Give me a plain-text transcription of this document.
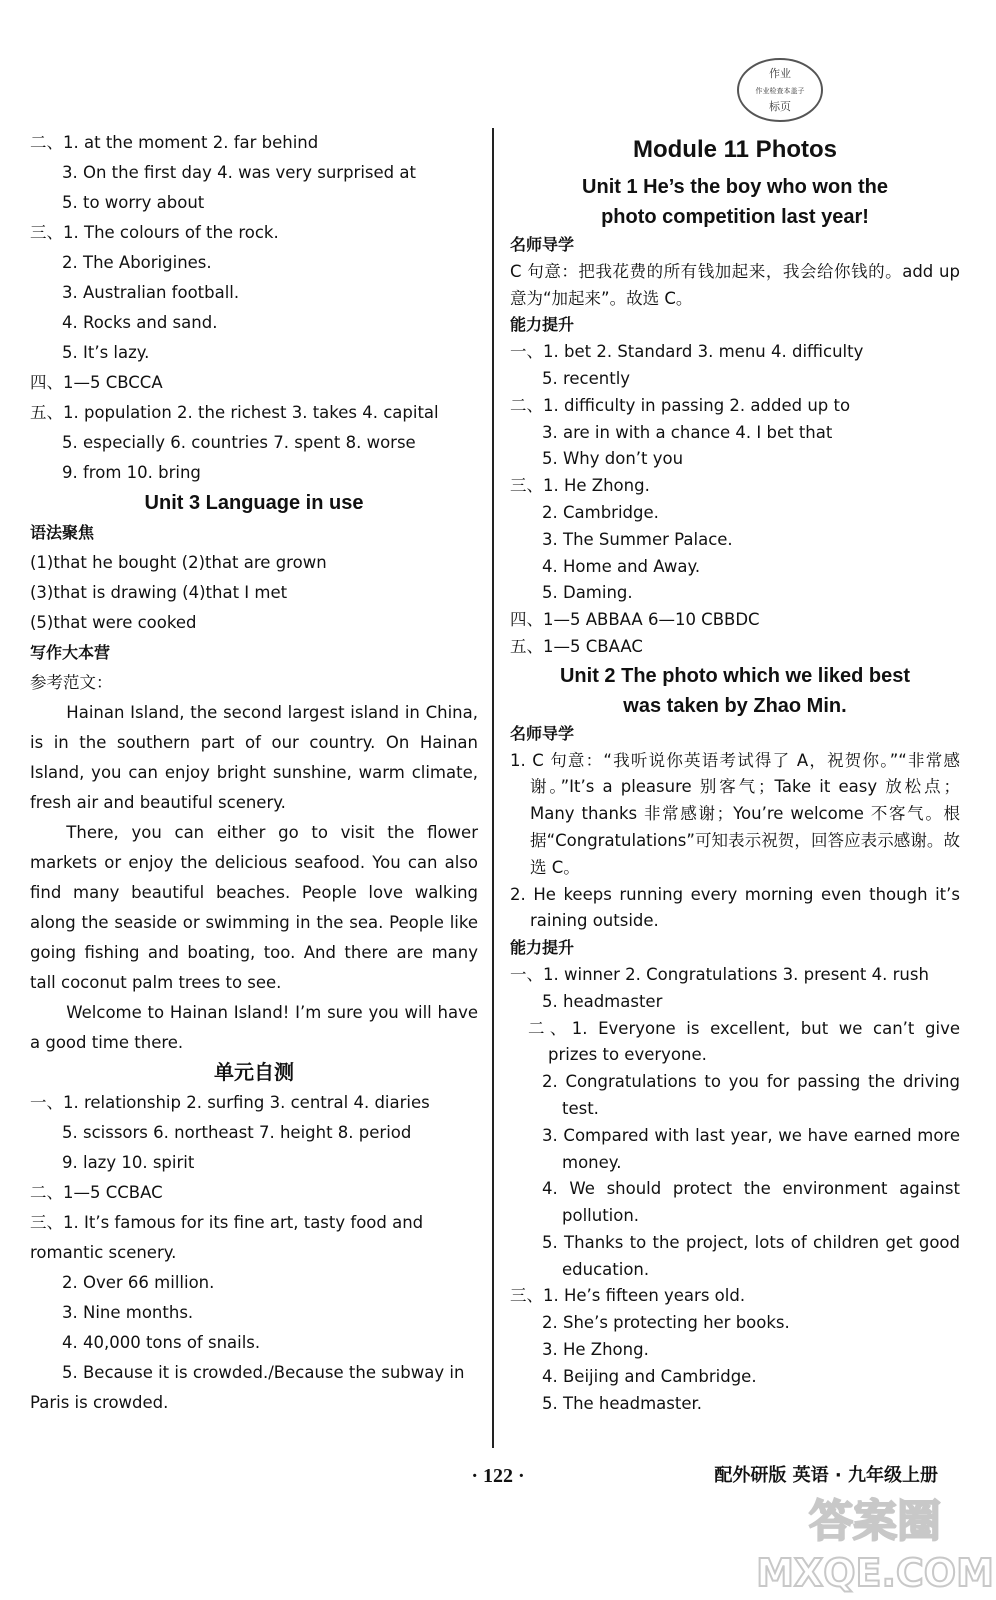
作业
作业检查本盖子
标页
二、1. at the moment 2. far behind
3. On the first day 4. was very surprised at
5. to worry about
三、1. The colours of the rock.
2. The Aborigines.
3. Australian football.
4. Rocks and sand.
5. It’s lazy.
四、1—5 CBCCA
五、1. population 2. the richest 3. takes 4. capital
5. especially 6. countries 7. spent 8. worse
9. from 10. bring
Unit 3 Language in use
语法聚焦
(1)that he bought (2)that are grown
(3)that is drawing (4)that I met
(5)that were cooked
写作大本营
参考范文：
Hainan Island, the second largest island in China, is in the southern part of our country. On Hainan Island, you can enjoy bright sunshine, warm climate, fresh air and beautiful scenery.
There, you can either go to visit the flower markets or enjoy the delicious seafood. You can also find many beautiful beaches. People love walking along the seaside or swimming in the sea. People like going fishing and boating, too. And there are many tall coconut palm trees to see.
Welcome to Hainan Island! I’m sure you will have a good time there.
单元自测
一、1. relationship 2. surfing 3. central 4. diaries
5. scissors 6. northeast 7. height 8. period
9. lazy 10. spirit
二、1—5 CCBAC
三、1. It’s famous for its fine art, tasty food and
romantic scenery.
2. Over 66 million.
3. Nine months.
4. 40,000 tons of snails.
5. Because it is crowded./Because the subway in
Paris is crowded.
Module 11 Photos
Unit 1 He’s the boy who won the
photo competition last year!
名师导学
C 句意：把我花费的所有钱加起来，我会给你钱的。add up 意为“加起来”。故选 C。
能力提升
一、1. bet 2. Standard 3. menu 4. difficulty
5. recently
二、1. difficulty in passing 2. added up to
3. are in with a chance 4. I bet that
5. Why don’t you
三、1. He Zhong.
2. Cambridge.
3. The Summer Palace.
4. Home and Away.
5. Daming.
四、1—5 ABBAA 6—10 CBBDC
五、1—5 CBAAC
Unit 2 The photo which we liked best
was taken by Zhao Min.
名师导学
1. C 句意：“我听说你英语考试得了 A，祝贺你。”“非常感谢。”It’s a pleasure 别客气；Take it easy 放松点；Many thanks 非常感谢；You’re welcome 不客气。根据“Congratulations”可知表示祝贺，回答应表示感谢。故选 C。
2. He keeps running every morning even though it’s raining outside.
能力提升
一、1. winner 2. Congratulations 3. present 4. rush
5. headmaster
二、1. Everyone is excellent, but we can’t give prizes to everyone.
2. Congratulations to you for passing the driving test.
3. Compared with last year, we have earned more money.
4. We should protect the environment against pollution.
5. Thanks to the project, lots of children get good education.
三、1. He’s fifteen years old.
2. She’s protecting her books.
3. He Zhong.
4. Beijing and Cambridge.
5. The headmaster.
· 122 ·	配外研版 英语 · 九年级上册
答案圈
MXQE.COM
